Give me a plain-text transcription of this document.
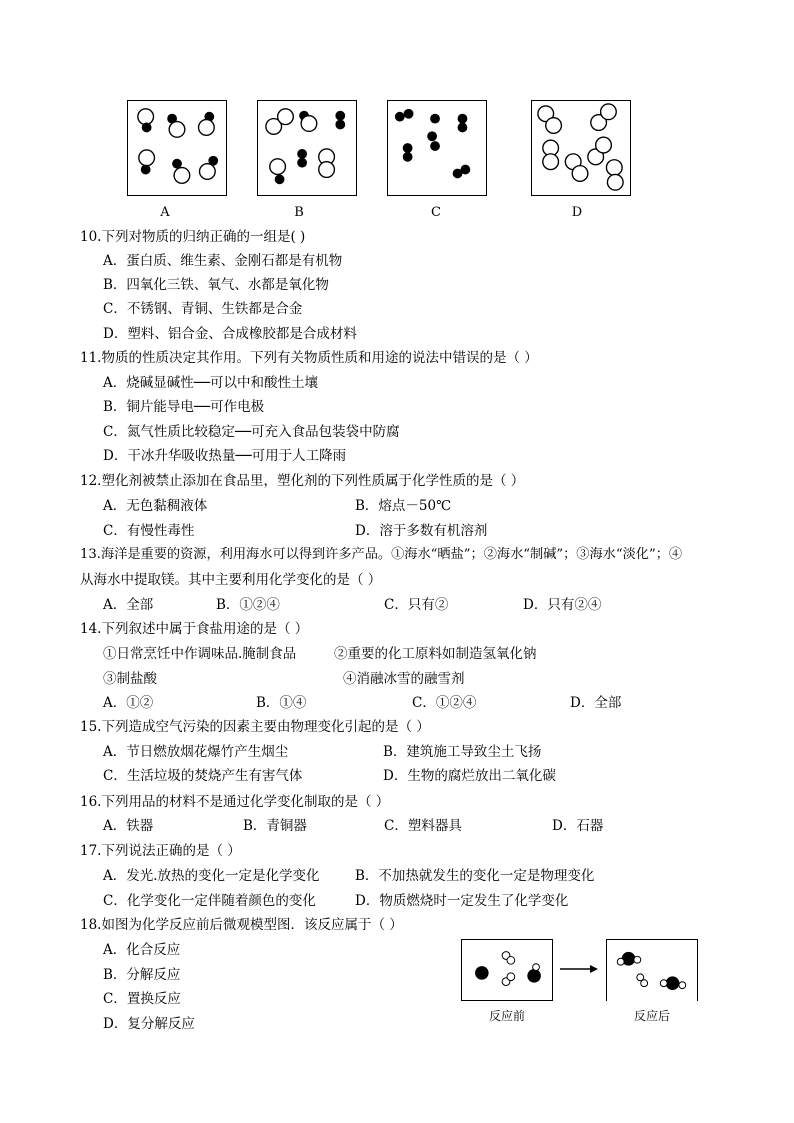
A	B	C	D
10.下列对物质的归纳正确的一组是( )
A．蛋白质、维生素、金刚石都是有机物
B．四氧化三铁、氧气、水都是氧化物
C．不锈钢、青铜、生铁都是合金
D．塑料、铝合金、合成橡胶都是合成材料
11.物质的性质决定其作用。下列有关物质性质和用途的说法中错误的是（ ）
A．烧碱显碱性──可以中和酸性土壤
B．铜片能导电──可作电极
C．氮气性质比较稳定──可充入食品包装袋中防腐
D．干冰升华吸收热量──可用于人工降雨
12.塑化剂被禁止添加在食品里，塑化剂的下列性质属于化学性质的是（ ）
A．无色黏稠液体	B．熔点－50℃
C．有慢性毒性	D．溶于多数有机溶剂
13.海洋是重要的资源，利用海水可以得到许多产品。①海水“晒盐”；②海水“制碱”；③海水“淡化”；④
从海水中提取镁。其中主要利用化学变化的是（ ）
A．全部	B．①②④	C．只有②	D．只有②④
14.下列叙述中属于食盐用途的是（ ）
①日常烹饪中作调味品.腌制食品	②重要的化工原料如制造氢氧化钠
③制盐酸	④消融冰雪的融雪剂
A．①②	B．①④	C．①②④	D．全部
15.下列造成空气污染的因素主要由物理变化引起的是（ ）
A．节日燃放烟花爆竹产生烟尘	B．建筑施工导致尘土飞扬
C．生活垃圾的焚烧产生有害气体	D．生物的腐烂放出二氧化碳
16.下列用品的材料不是通过化学变化制取的是（ ）
A．铁器	B．青铜器	C．塑料器具	D．石器
17.下列说法正确的是（ ）
A．发光.放热的变化一定是化学变化	B．不加热就发生的变化一定是物理变化
C．化学变化一定伴随着颜色的变化	D．物质燃烧时一定发生了化学变化
18.如图为化学反应前后微观模型图．该反应属于（ ）
A．化合反应
B．分解反应
C．置换反应
D．复分解反应	反应前	反应后
